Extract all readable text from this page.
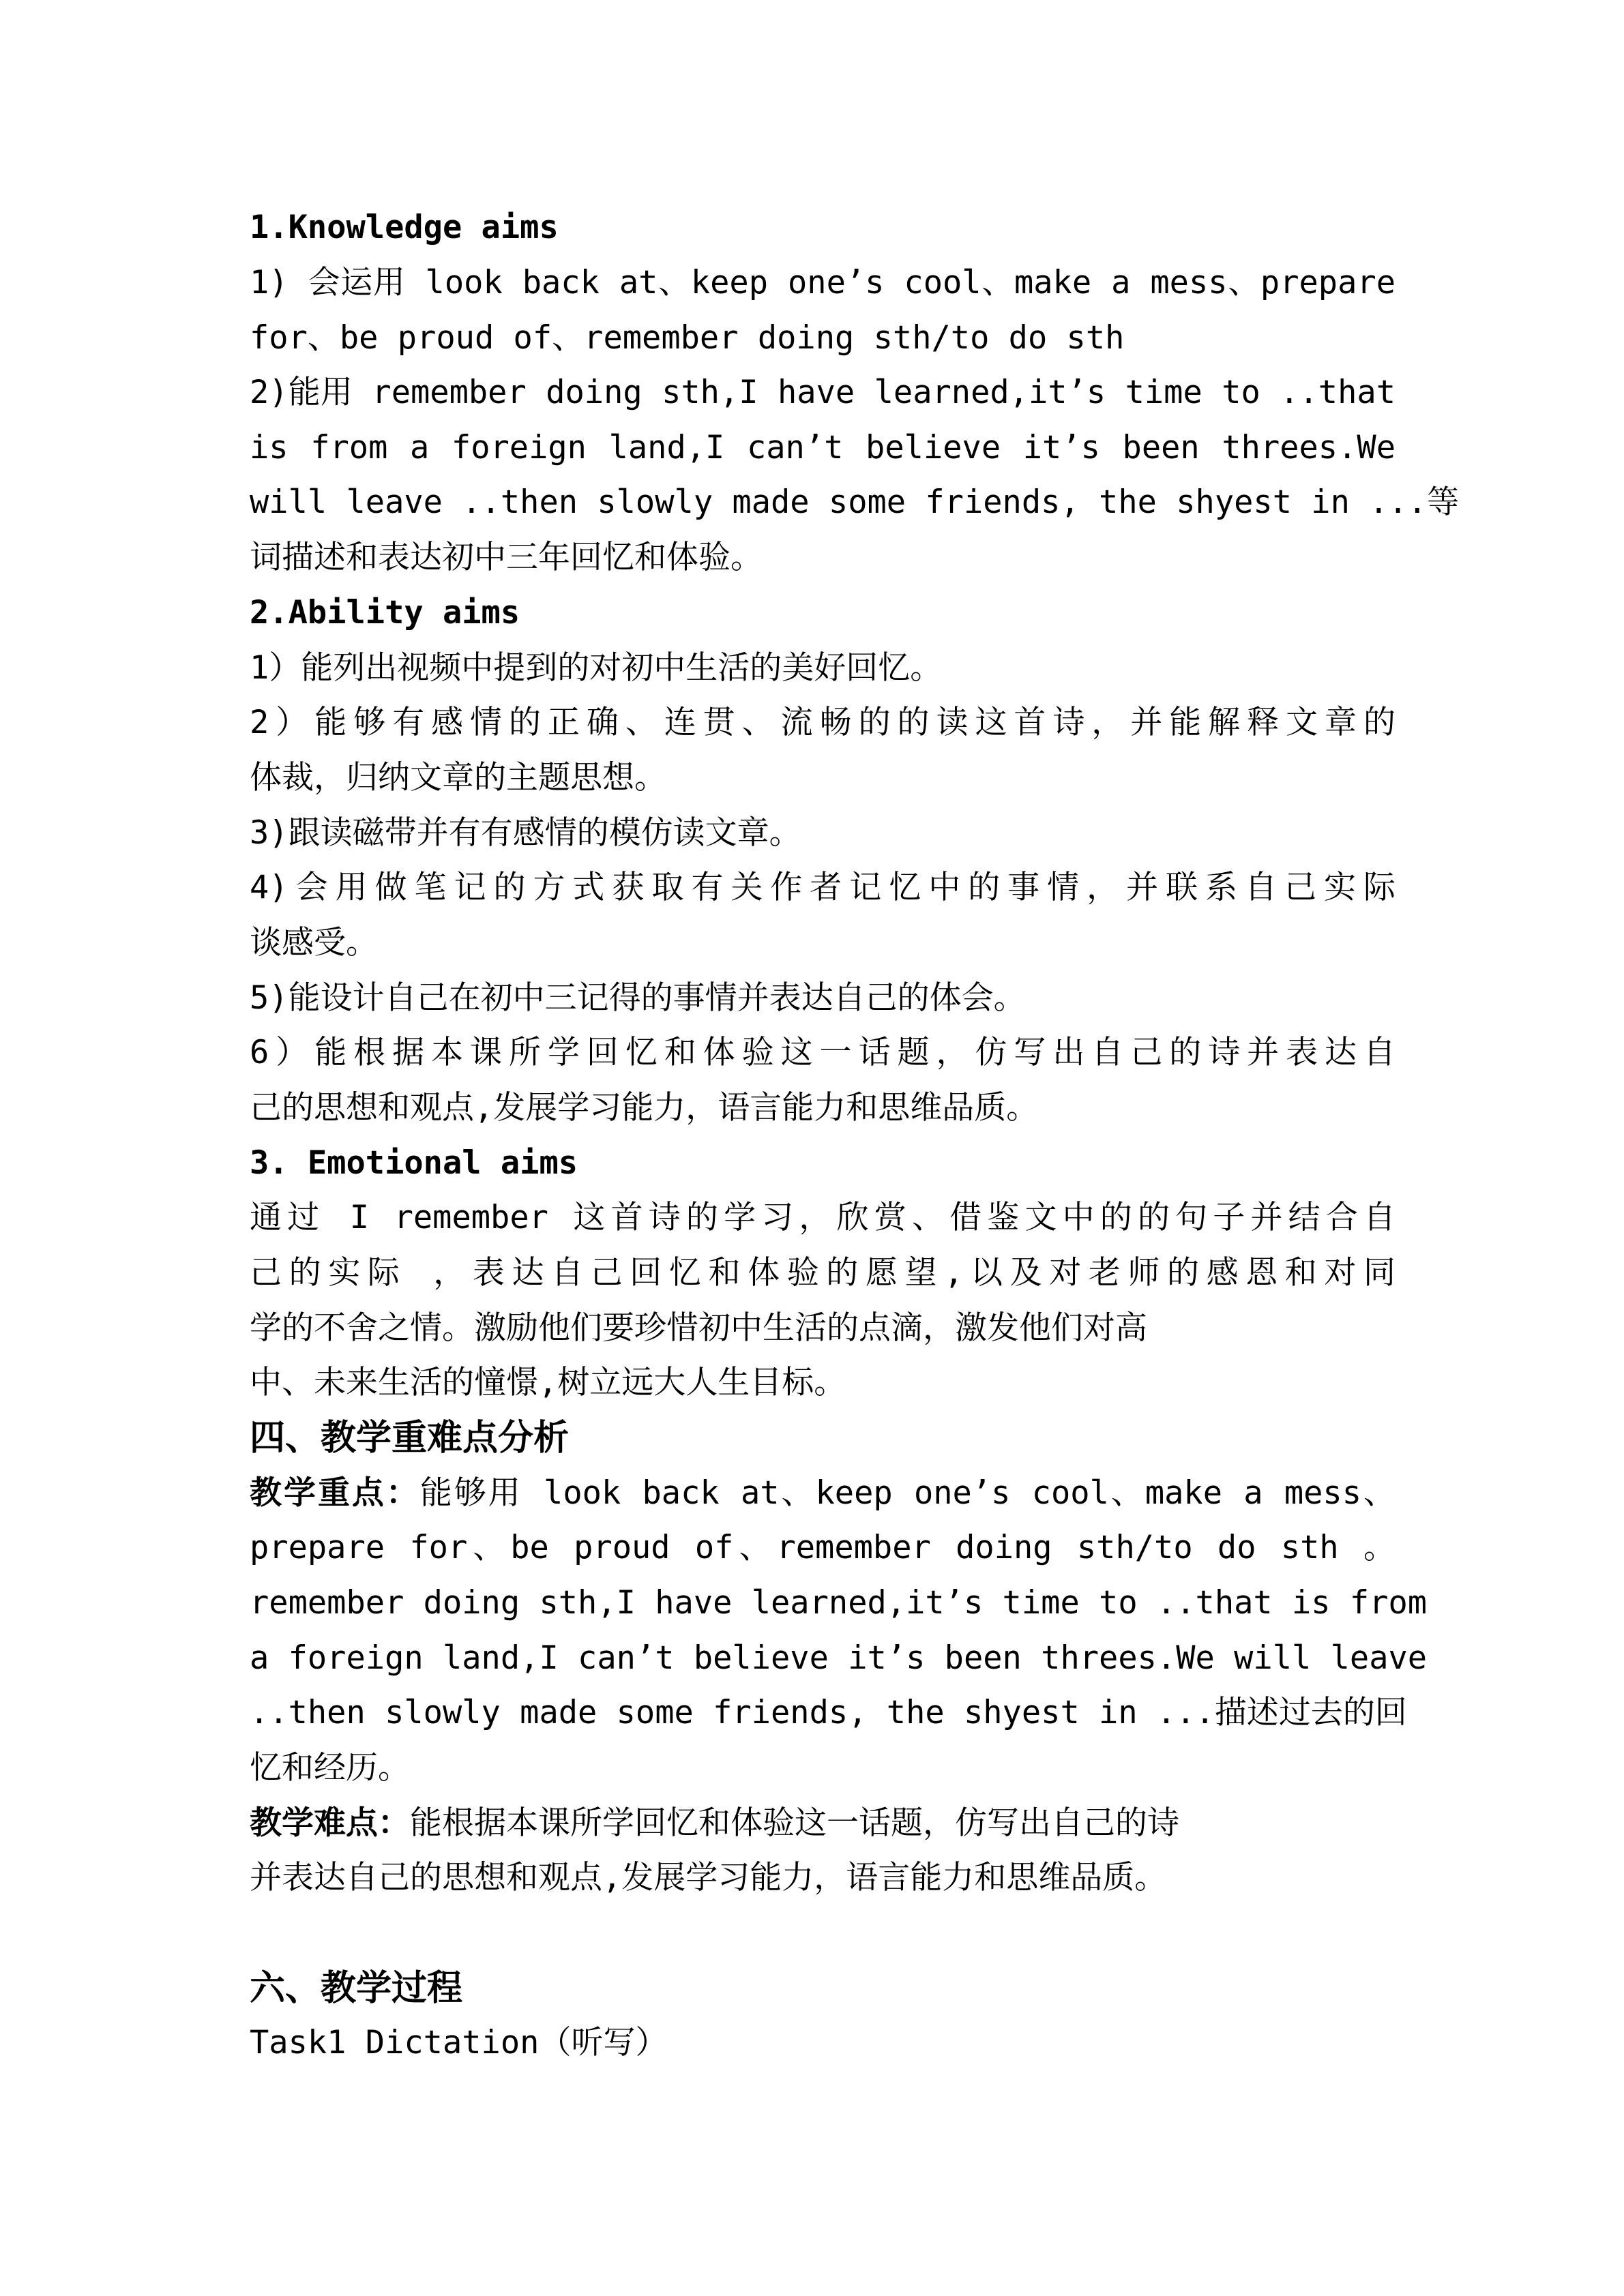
1.Knowledge aims
1) 会运用 look back at、keep one’s cool、make a mess、prepare
for、be proud of、remember doing sth/to do sth
2)能用 remember doing sth,I have learned,it’s time to ..that
is from a foreign land,I can’t believe it’s been threes.We
will leave ..then slowly made some friends, the shyest in ...等
词描述和表达初中三年回忆和体验。
2.Ability aims
1）能列出视频中提到的对初中生活的美好回忆。
2）能够有感情的正确、连贯、流畅的的读这首诗，并能解释文章的
体裁，归纳文章的主题思想。
3)跟读磁带并有有感情的模仿读文章。
4)会用做笔记的方式获取有关作者记忆中的事情，并联系自己实际
谈感受。
5)能设计自己在初中三记得的事情并表达自己的体会。
6）能根据本课所学回忆和体验这一话题，仿写出自己的诗并表达自
己的思想和观点,发展学习能力，语言能力和思维品质。
3. Emotional aims
通过 I remember 这首诗的学习，欣赏、借鉴文中的的句子并结合自
己的实际 ，表达自己回忆和体验的愿望,以及对老师的感恩和对同
学的不舍之情。激励他们要珍惜初中生活的点滴，激发他们对高
中、未来生活的憧憬,树立远大人生目标。
四、教学重难点分析
教学重点：能够用 look back at、keep one’s cool、make a mess、
prepare for、be proud of、remember doing sth/to do sth 。
remember doing sth,I have learned,it’s time to ..that is from
a foreign land,I can’t believe it’s been threes.We will leave
..then slowly made some friends, the shyest in ...描述过去的回
忆和经历。
教学难点：能根据本课所学回忆和体验这一话题，仿写出自己的诗
并表达自己的思想和观点,发展学习能力，语言能力和思维品质。
六、教学过程
Task1 Dictation（听写）
